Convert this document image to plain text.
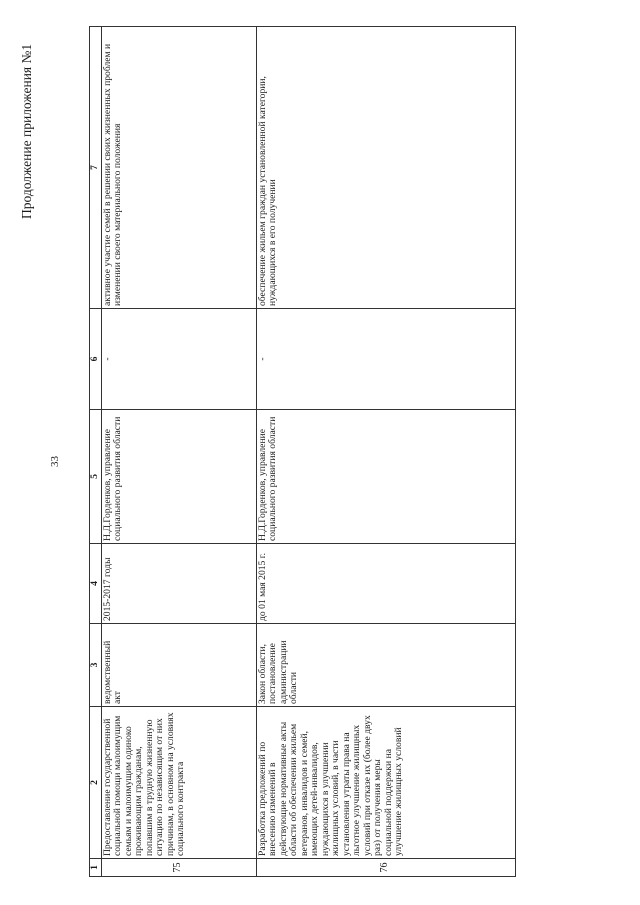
Продолжение приложения №1
33
1	2	3	4	5	6	7
75	Предоставление государственной социальной помощи малоимущим семьям и малоимущим одиноко проживающим гражданам, попавшим в трудную жизненную ситуацию по независящим от них причинам, в основном на условиях социального контракта	ведомственный акт	2015-2017 годы	Н.Д.Горденков, управление социального развития области	-	активное участие семей в решении своих жизненных проблем и изменении своего материального положения
76	Разработка предложений по внесению изменений в действующие нормативные акты области об обеспечении жильем ветеранов, инвалидов и семей, имеющих детей-инвалидов, нуждающихся в улучшении жилищных условий, в части установления утраты права на льготное улучшение жилищных условий при отказе их (более двух раз) от получения меры социальной поддержки на улучшение жилищных условий	Закон области, постановление администрации области	до 01 мая 2015 г.	Н.Д.Горденков, управление социального развития области	-	обеспечение жильем граждан установленной категории, нуждающихся в его получении
